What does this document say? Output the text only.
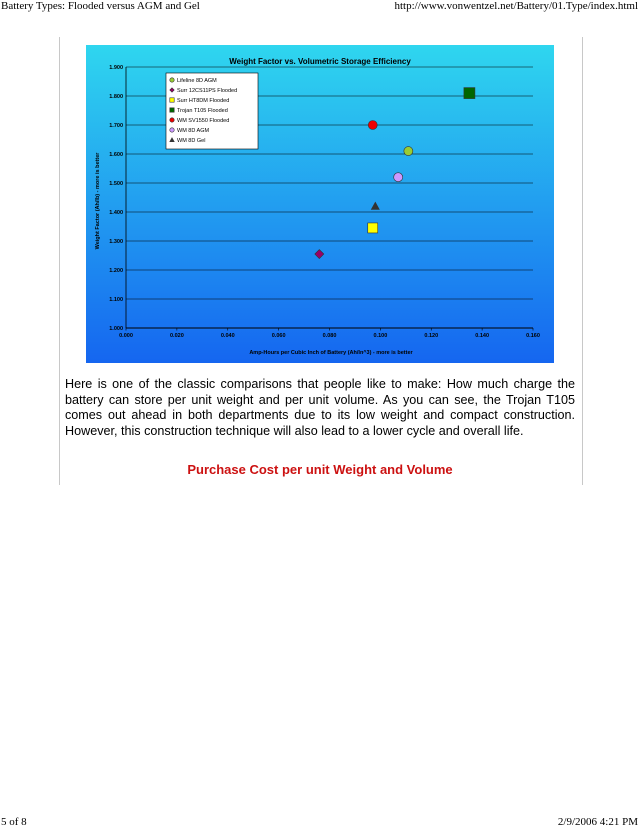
Battery Types: Flooded versus AGM and Gel	http://www.vonwentzel.net/Battery/01.Type/index.html
Weight Factor vs. Volumetric Storage Efficiency
1.000
1.100
1.200
1.300
1.400
1.500
1.600
1.700
1.800
1.900
0.000	0.020	0.040	0.060	0.080	0.100	0.120	0.140	0.160
Amp-Hours per Cubic Inch of Battery (Ah/In^3) - more is better
Weight Factor (Ah/lb) - more is better
Lifeline 8D AGM
Surr 12CS11PS Flooded
Surr HT8DM Flooded
Trojan T105 Flooded
WM SV1550 Flooded
WM 8D AGM
WM 8D Gel
Here is one of the classic comparisons that people like to make: How much charge the battery can store per unit weight and per unit volume. As you can see, the Trojan T105 comes out ahead in both departments due to its low weight and compact construction. However, this construction technique will also lead to a lower cycle and overall life.
Purchase Cost per unit Weight and Volume
5 of 8	2/9/2006 4:21 PM
